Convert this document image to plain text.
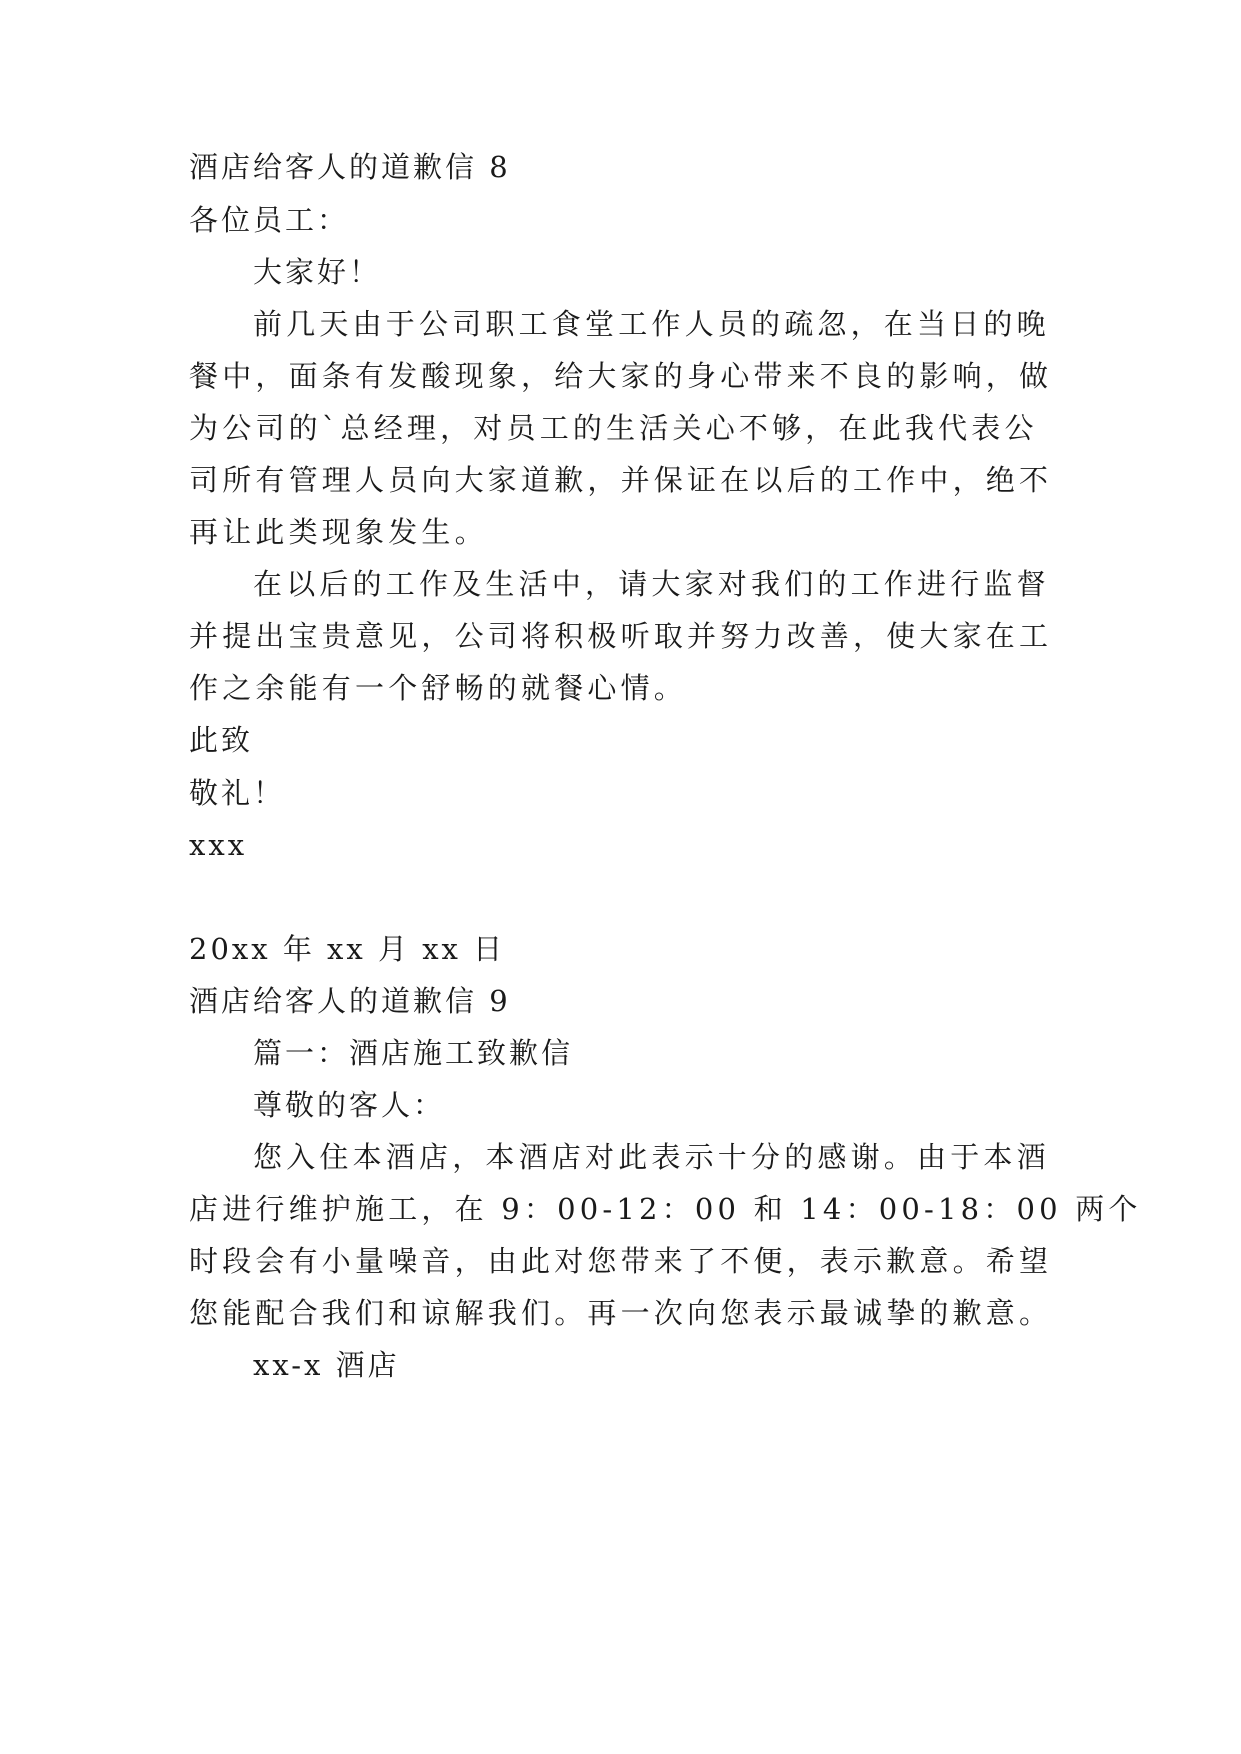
酒店给客人的道歉信 8
各位员工：
大家好！
前几天由于公司职工食堂工作人员的疏忽，在当日的晚
餐中，面条有发酸现象，给大家的身心带来不良的影响，做
为公司的`总经理，对员工的生活关心不够，在此我代表公
司所有管理人员向大家道歉，并保证在以后的工作中，绝不
再让此类现象发生。
在以后的工作及生活中，请大家对我们的工作进行监督
并提出宝贵意见，公司将积极听取并努力改善，使大家在工
作之余能有一个舒畅的就餐心情。
此致
敬礼！
xxx
20xx 年 xx 月 xx 日
酒店给客人的道歉信 9
篇一：酒店施工致歉信
尊敬的客人：
您入住本酒店，本酒店对此表示十分的感谢。由于本酒
店进行维护施工，在 9：00-12：00 和 14：00-18：00 两个
时段会有小量噪音，由此对您带来了不便，表示歉意。希望
您能配合我们和谅解我们。再一次向您表示最诚挚的歉意。
xx-x 酒店
